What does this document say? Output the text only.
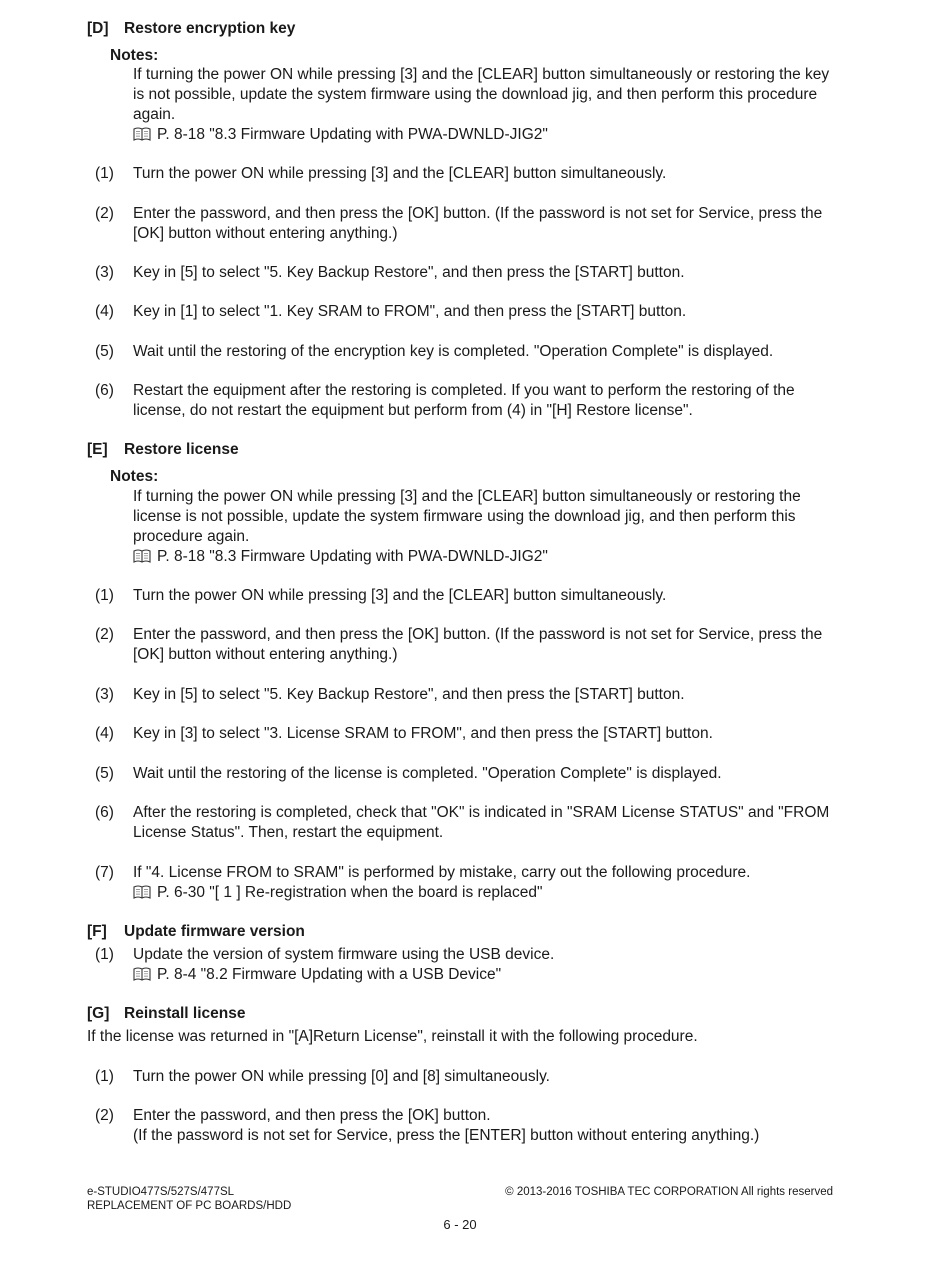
[D] Restore encryption key
Notes:
If turning the power ON while pressing [3] and the [CLEAR] button simultaneously or restoring the key is not possible, update the system firmware using the download jig, and then perform this procedure again.
P. 8-18 "8.3 Firmware Updating with PWA-DWNLD-JIG2"
(1)	Turn the power ON while pressing [3] and the [CLEAR] button simultaneously.
(2)	Enter the password, and then press the [OK] button. (If the password is not set for Service, press the [OK] button without entering anything.)
(3)	Key in [5] to select "5. Key Backup Restore", and then press the [START] button.
(4)	Key in [1] to select "1. Key SRAM to FROM", and then press the [START] button.
(5)	Wait until the restoring of the encryption key is completed. "Operation Complete" is displayed.
(6)	Restart the equipment after the restoring is completed. If you want to perform the restoring of the license, do not restart the equipment but perform from (4) in "[H] Restore license".
[E] Restore license
Notes:
If turning the power ON while pressing [3] and the [CLEAR] button simultaneously or restoring the license is not possible, update the system firmware using the download jig, and then perform this procedure again.
P. 8-18 "8.3 Firmware Updating with PWA-DWNLD-JIG2"
(1)	Turn the power ON while pressing [3] and the [CLEAR] button simultaneously.
(2)	Enter the password, and then press the [OK] button. (If the password is not set for Service, press the [OK] button without entering anything.)
(3)	Key in [5] to select "5. Key Backup Restore", and then press the [START] button.
(4)	Key in [3] to select "3. License SRAM to FROM", and then press the [START] button.
(5)	Wait until the restoring of the license is completed. "Operation Complete" is displayed.
(6)	After the restoring is completed, check that "OK" is indicated in "SRAM License STATUS" and "FROM License Status". Then, restart the equipment.
(7)	If "4. License FROM to SRAM" is performed by mistake, carry out the following procedure.
P. 6-30 "[ 1 ] Re-registration when the board is replaced"
[F] Update firmware version
(1)	Update the version of system firmware using the USB device.
P. 8-4 "8.2 Firmware Updating with a USB Device"
[G] Reinstall license
If the license was returned in "[A]Return License", reinstall it with the following procedure.
(1)	Turn the power ON while pressing [0] and [8] simultaneously.
(2)	Enter the password, and then press the [OK] button.
(If the password is not set for Service, press the [ENTER] button without entering anything.)
e-STUDIO477S/527S/477SL
REPLACEMENT OF PC BOARDS/HDD
© 2013-2016 TOSHIBA TEC CORPORATION All rights reserved
6 - 20
